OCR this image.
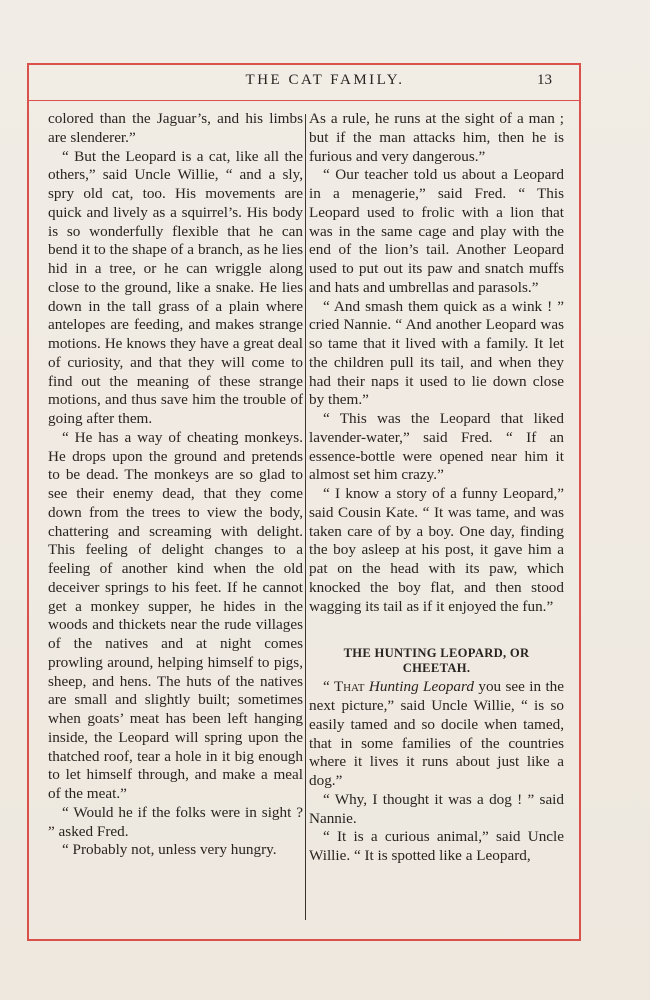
THE CAT FAMILY.	13

colored than the Jaguar’s, and his limbs are slenderer.”

“ But the Leopard is a cat, like all the others,” said Uncle Willie, “ and a sly, spry old cat, too. His movements are quick and lively as a squirrel’s. His body is so wonderfully flexible that he can bend it to the shape of a branch, as he lies hid in a tree, or he can wriggle along close to the ground, like a snake. He lies down in the tall grass of a plain where antelopes are feeding, and makes strange motions. He knows they have a great deal of curiosity, and that they will come to find out the meaning of these strange motions, and thus save him the trouble of going after them.

“ He has a way of cheating monkeys. He drops upon the ground and pretends to be dead. The monkeys are so glad to see their enemy dead, that they come down from the trees to view the body, chattering and screaming with delight. This feeling of delight changes to a feeling of another kind when the old deceiver springs to his feet. If he cannot get a monkey supper, he hides in the woods and thickets near the rude villages of the natives and at night comes prowling around, helping himself to pigs, sheep, and hens. The huts of the natives are small and slightly built; sometimes when goats’ meat has been left hanging inside, the Leopard will spring upon the thatched roof, tear a hole in it big enough to let himself through, and make a meal of the meat.”

“ Would he if the folks were in sight ? ” asked Fred.

“ Probably not, unless very hungry.

As a rule, he runs at the sight of a man ; but if the man attacks him, then he is furious and very dangerous.”

“ Our teacher told us about a Leopard in a menagerie,” said Fred. “ This Leopard used to frolic with a lion that was in the same cage and play with the end of the lion’s tail. Another Leopard used to put out its paw and snatch muffs and hats and umbrellas and parasols.”

“ And smash them quick as a wink ! ” cried Nannie. “ And another Leopard was so tame that it lived with a family. It let the children pull its tail, and when they had their naps it used to lie down close by them.”

“ This was the Leopard that liked lavender-water,” said Fred. “ If an essence-bottle were opened near him it almost set him crazy.”

“ I know a story of a funny Leopard,” said Cousin Kate. “ It was tame, and was taken care of by a boy. One day, finding the boy asleep at his post, it gave him a pat on the head with its paw, which knocked the boy flat, and then stood wagging its tail as if it enjoyed the fun.”

THE HUNTING LEOPARD, OR
CHEETAH.

“ That Hunting Leopard you see in the next picture,” said Uncle Willie, “ is so easily tamed and so docile when tamed, that in some families of the countries where it lives it runs about just like a dog.”

“ Why, I thought it was a dog ! ” said Nannie.

“ It is a curious animal,” said Uncle Willie. “ It is spotted like a Leopard,
